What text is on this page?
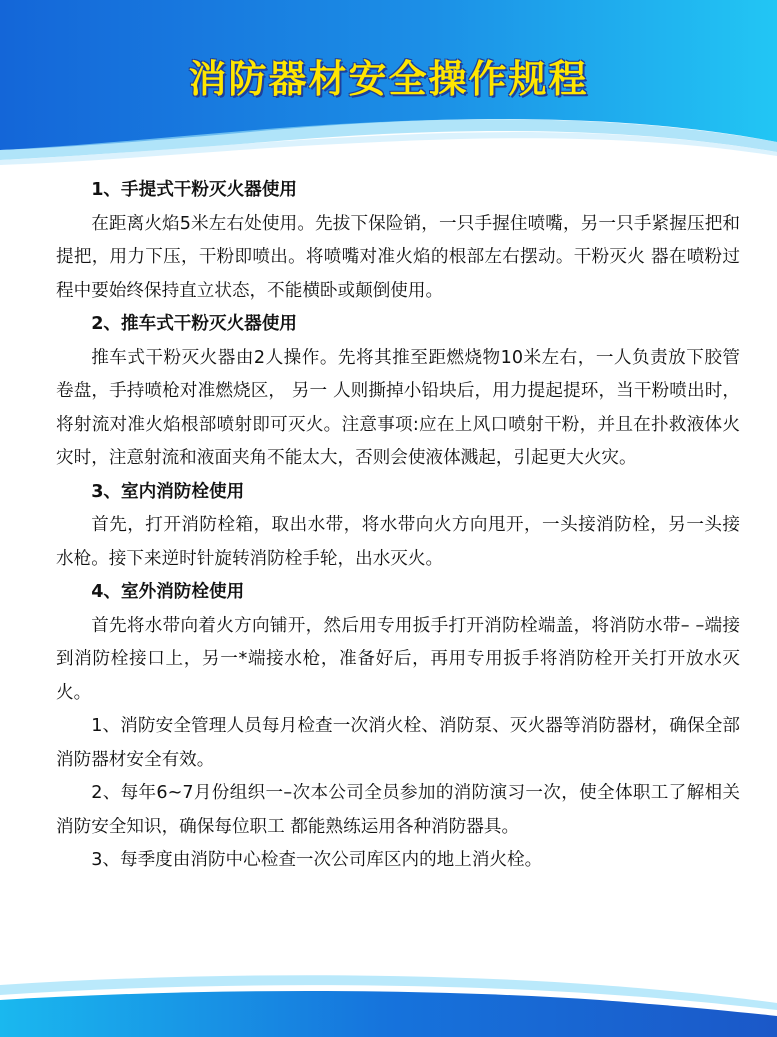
消防器材安全操作规程
1、手提式干粉灭火器使用

在距离火焰5米左右处使用。先拔下保险销，一只手握住喷嘴，另一只手紧握压把和提把，用力下压，干粉即喷出。将喷嘴对准火焰的根部左右摆动。干粉灭火 器在喷粉过程中要始终保持直立状态，不能横卧或颠倒使用。

2、推车式干粉灭火器使用

推车式干粉灭火器由2人操作。先将其推至距燃烧物10米左右，一人负责放下胶管卷盘，手持喷枪对准燃烧区， 另一 人则撕掉小铅块后，用力提起提环，当干粉喷出时，将射流对准火焰根部喷射即可灭火。注意事项:应在上风口喷射干粉，并且在扑救液体火灾时，注意射流和液面夹角不能太大，否则会使液体溅起，引起更大火灾。

3、室内消防栓使用

首先，打开消防栓箱，取出水带，将水带向火方向甩开，一头接消防栓，另一头接水枪。接下来逆时针旋转消防栓手轮，出水灭火。

4、室外消防栓使用

首先将水带向着火方向铺开，然后用专用扳手打开消防栓端盖，将消防水带– –端接到消防栓接口上，另一*端接水枪，准备好后，再用专用扳手将消防栓开关打开放水灭火。

1、消防安全管理人员每月检查一次消火栓、消防泵、灭火器等消防器材，确保全部消防器材安全有效。

2、每年6~7月份组织一–次本公司全员参加的消防演习一次，使全体职工了解相关消防安全知识，确保每位职工 都能熟练运用各种消防器具。

3、每季度由消防中心检查一次公司库区内的地上消火栓。
